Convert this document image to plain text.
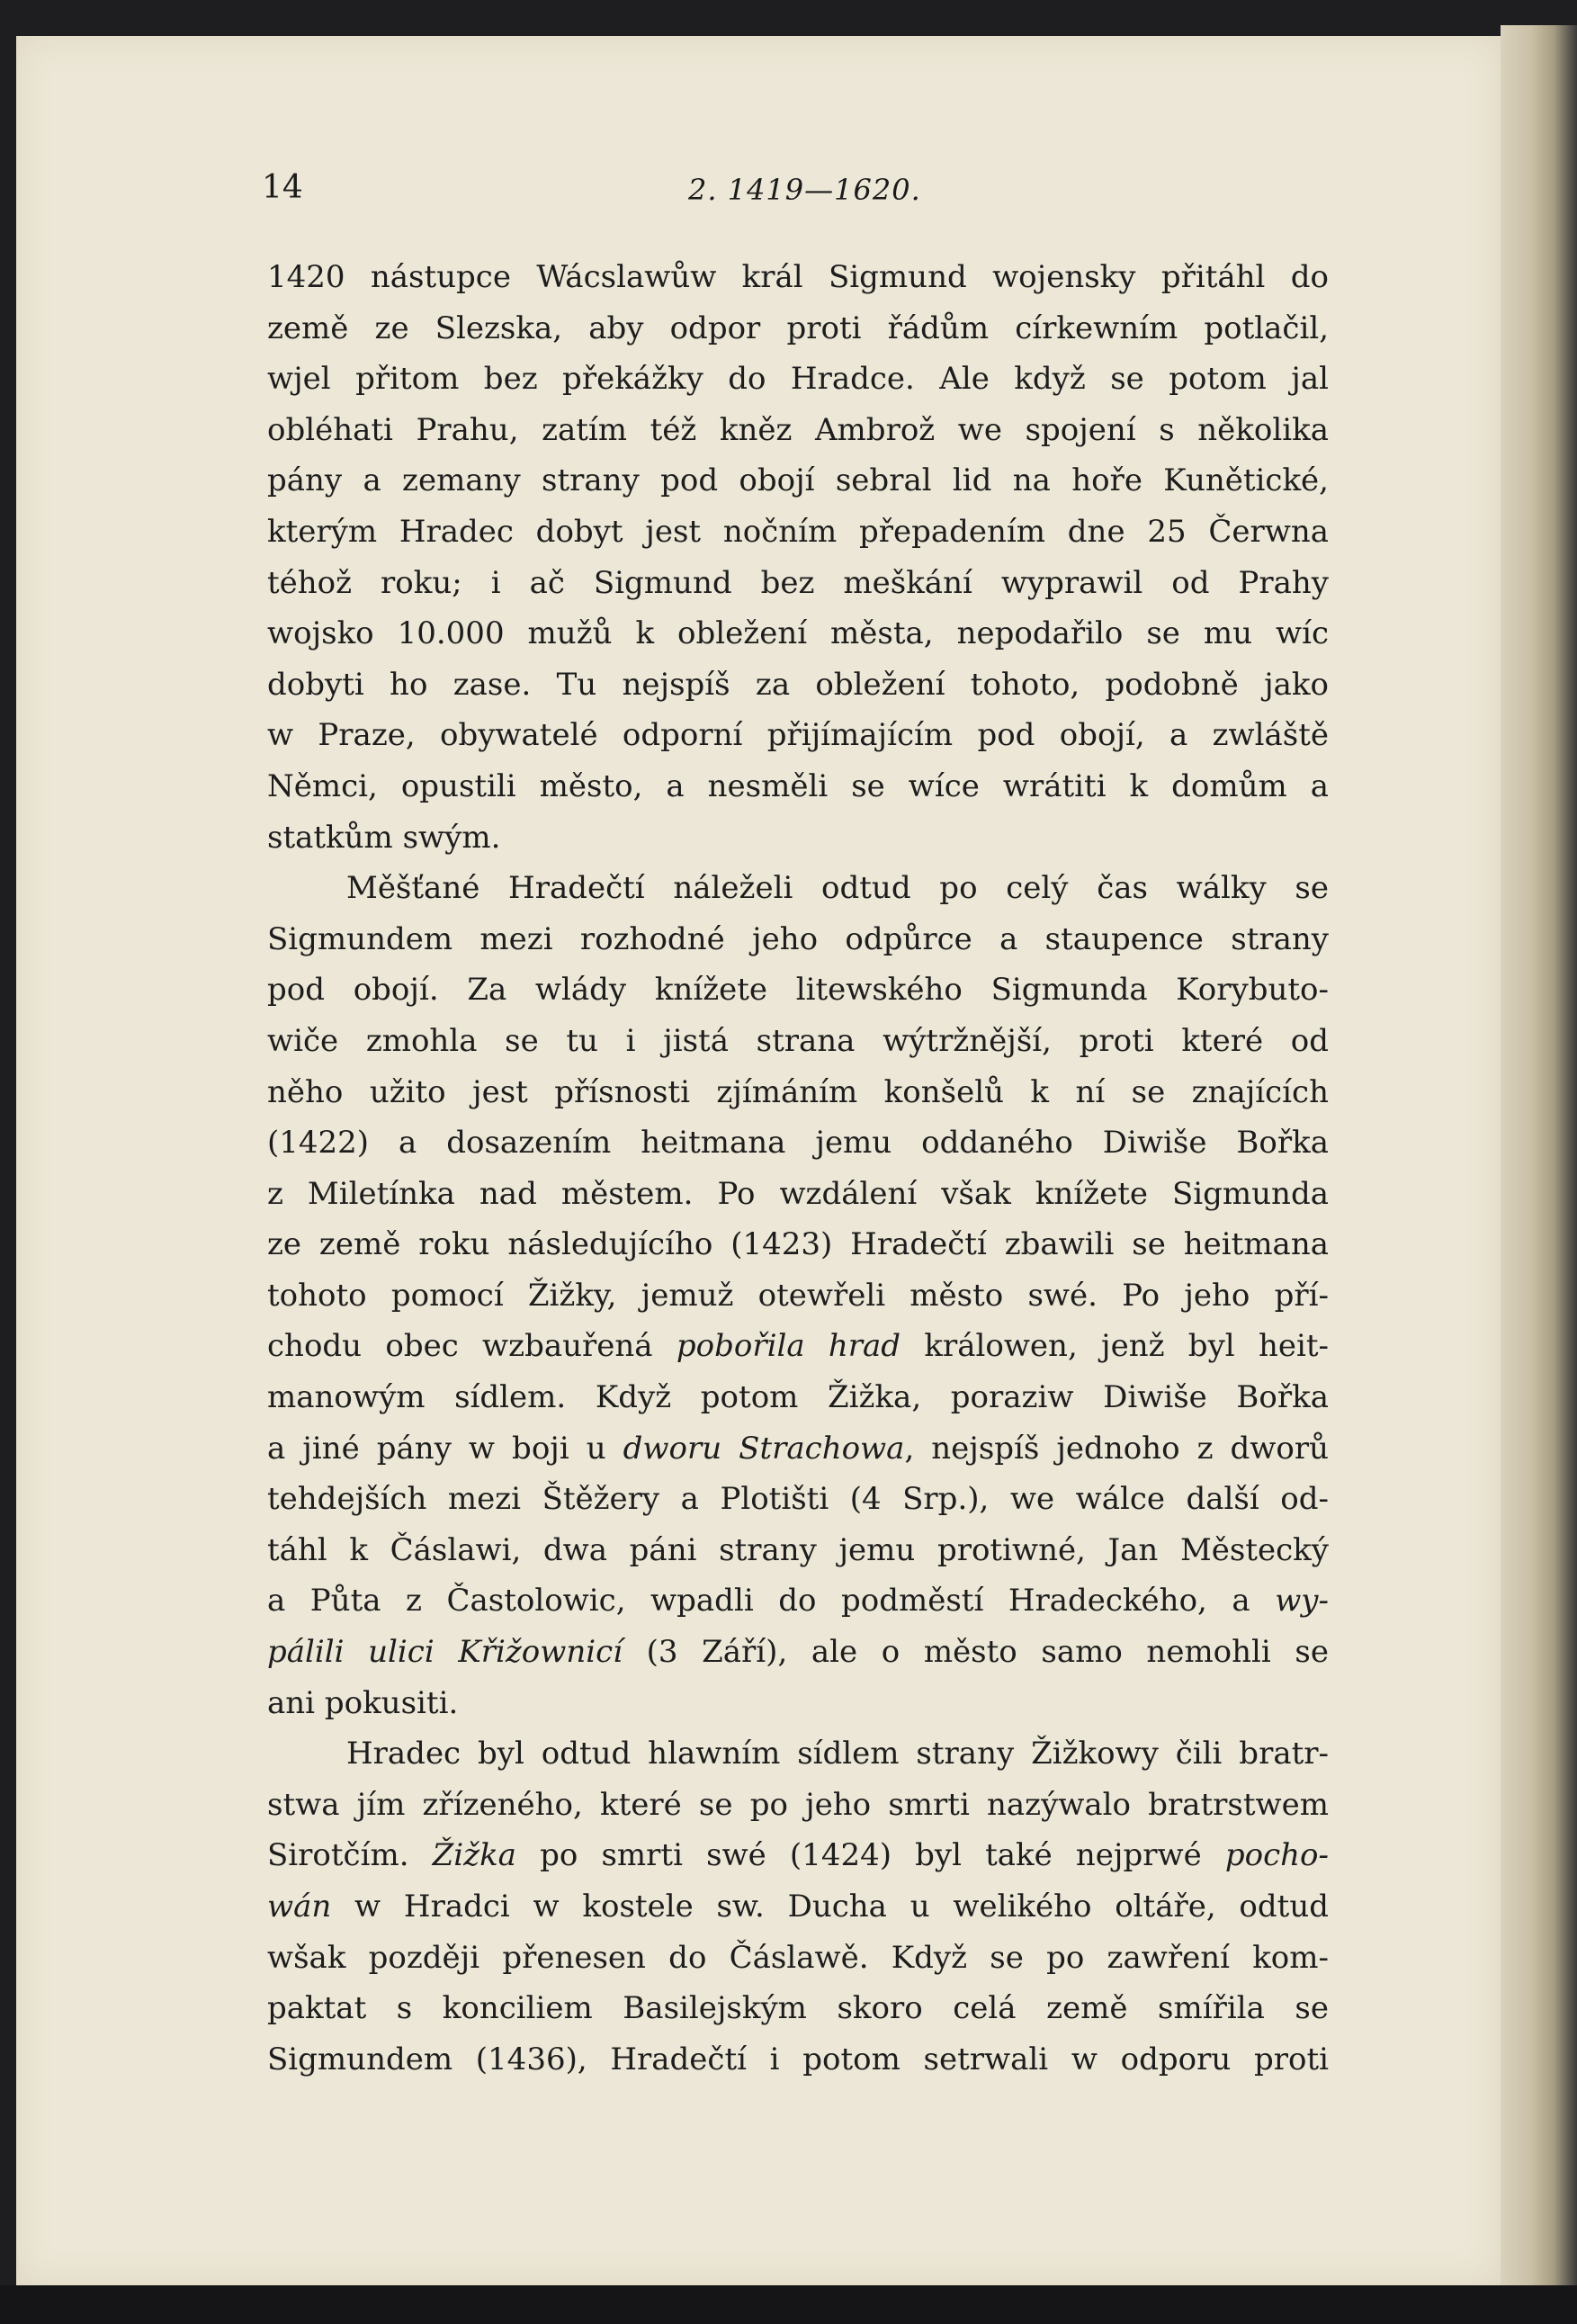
14	2. 1419—1620.
1420 nástupce Wácslawůw král Sigmund wojensky přitáhl do
země ze Slezska, aby odpor proti řádům církewním potlačil,
wjel přitom bez překážky do Hradce. Ale když se potom jal
obléhati Prahu, zatím též kněz Ambrož we spojení s několika
pány a zemany strany pod obojí sebral lid na hoře Kunětické,
kterým Hradec dobyt jest nočním přepadením dne 25 Čerwna
téhož roku; i ač Sigmund bez meškání wyprawil od Prahy
wojsko 10.000 mužů k obležení města, nepodařilo se mu wíc
dobyti ho zase. Tu nejspíš za obležení tohoto, podobně jako
w Praze, obywatelé odporní přijímajícím pod obojí, a zwláště
Němci, opustili město, a nesměli se wíce wrátiti k domům a
statkům swým.
Měšťané Hradečtí náleželi odtud po celý čas wálky se
Sigmundem mezi rozhodné jeho odpůrce a staupence strany
pod obojí. Za wlády knížete litewského Sigmunda Korybuto-
wiče zmohla se tu i jistá strana wýtržnější, proti které od
něho užito jest přísnosti zjímáním konšelů k ní se znajících
(1422) a dosazením heitmana jemu oddaného Diwiše Bořka
z Miletínka nad městem. Po wzdálení však knížete Sigmunda
ze země roku následujícího (1423) Hradečtí zbawili se heitmana
tohoto pomocí Žižky, jemuž otewřeli město swé. Po jeho pří-
chodu obec wzbauřená pobořila hrad králowen, jenž byl heit-
manowým sídlem. Když potom Žižka, poraziw Diwiše Bořka
a jiné pány w boji u dworu Strachowa, nejspíš jednoho z dworů
tehdejších mezi Štěžery a Plotišti (4 Srp.), we wálce další od-
táhl k Čáslawi, dwa páni strany jemu protiwné, Jan Městecký
a Půta z Častolowic, wpadli do podměstí Hradeckého, a wy-
pálili ulici Křižownicí (3 Září), ale o město samo nemohli se
ani pokusiti.
Hradec byl odtud hlawním sídlem strany Žižkowy čili bratr-
stwa jím zřízeného, které se po jeho smrti nazýwalo bratrstwem
Sirotčím. Žižka po smrti swé (1424) byl také nejprwé pocho-
wán w Hradci w kostele sw. Ducha u welikého oltáře, odtud
wšak později přenesen do Čáslawě. Když se po zawření kom-
paktat s konciliem Basilejským skoro celá země smířila se
Sigmundem (1436), Hradečtí i potom setrwali w odporu proti
